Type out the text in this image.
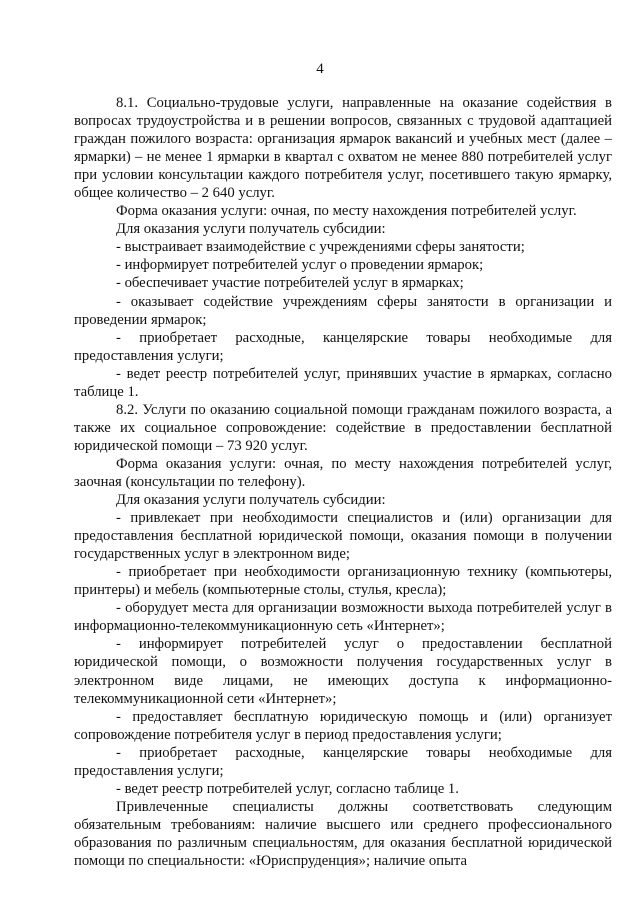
4

8.1. Социально-трудовые услуги, направленные на оказание содействия в вопросах трудоустройства и в решении вопросов, связанных с трудовой адаптацией граждан пожилого возраста: организация ярмарок вакансий и учебных мест (далее – ярмарки) – не менее 1 ярмарки в квартал с охватом не менее 880 потребителей услуг при условии консультации каждого потребителя услуг, посетившего такую ярмарку, общее количество – 2 640 услуг.

Форма оказания услуги: очная, по месту нахождения потребителей услуг.

Для оказания услуги получатель субсидии:

- выстраивает взаимодействие с учреждениями сферы занятости;

- информирует потребителей услуг о проведении ярмарок;

- обеспечивает участие потребителей услуг в ярмарках;

- оказывает содействие учреждениям сферы занятости в организации и проведении ярмарок;

- приобретает расходные, канцелярские товары необходимые для предоставления услуги;

- ведет реестр потребителей услуг, принявших участие в ярмарках, согласно таблице 1.

8.2. Услуги по оказанию социальной помощи гражданам пожилого возраста, а также их социальное сопровождение: содействие в предоставлении бесплатной юридической помощи – 73 920 услуг.

Форма оказания услуги: очная, по месту нахождения потребителей услуг, заочная (консультации по телефону).

Для оказания услуги получатель субсидии:

- привлекает при необходимости специалистов и (или) организации для предоставления бесплатной юридической помощи, оказания помощи в получении государственных услуг в электронном виде;

- приобретает при необходимости организационную технику (компьютеры, принтеры) и мебель (компьютерные столы, стулья, кресла);

- оборудует места для организации возможности выхода потребителей услуг в информационно-телекоммуникационную сеть «Интернет»;

- информирует потребителей услуг о предоставлении бесплатной юридической помощи, о возможности получения государственных услуг в электронном виде лицами, не имеющих доступа к информационно-телекоммуникационной сети «Интернет»;

- предоставляет бесплатную юридическую помощь и (или) организует сопровождение потребителя услуг в период предоставления услуги;

- приобретает расходные, канцелярские товары необходимые для предоставления услуги;

- ведет реестр потребителей услуг, согласно таблице 1.

Привлеченные специалисты должны соответствовать следующим обязательным требованиям: наличие высшего или среднего профессионального образования по различным специальностям, для оказания бесплатной юридической помощи по специальности: «Юриспруденция»; наличие опыта
